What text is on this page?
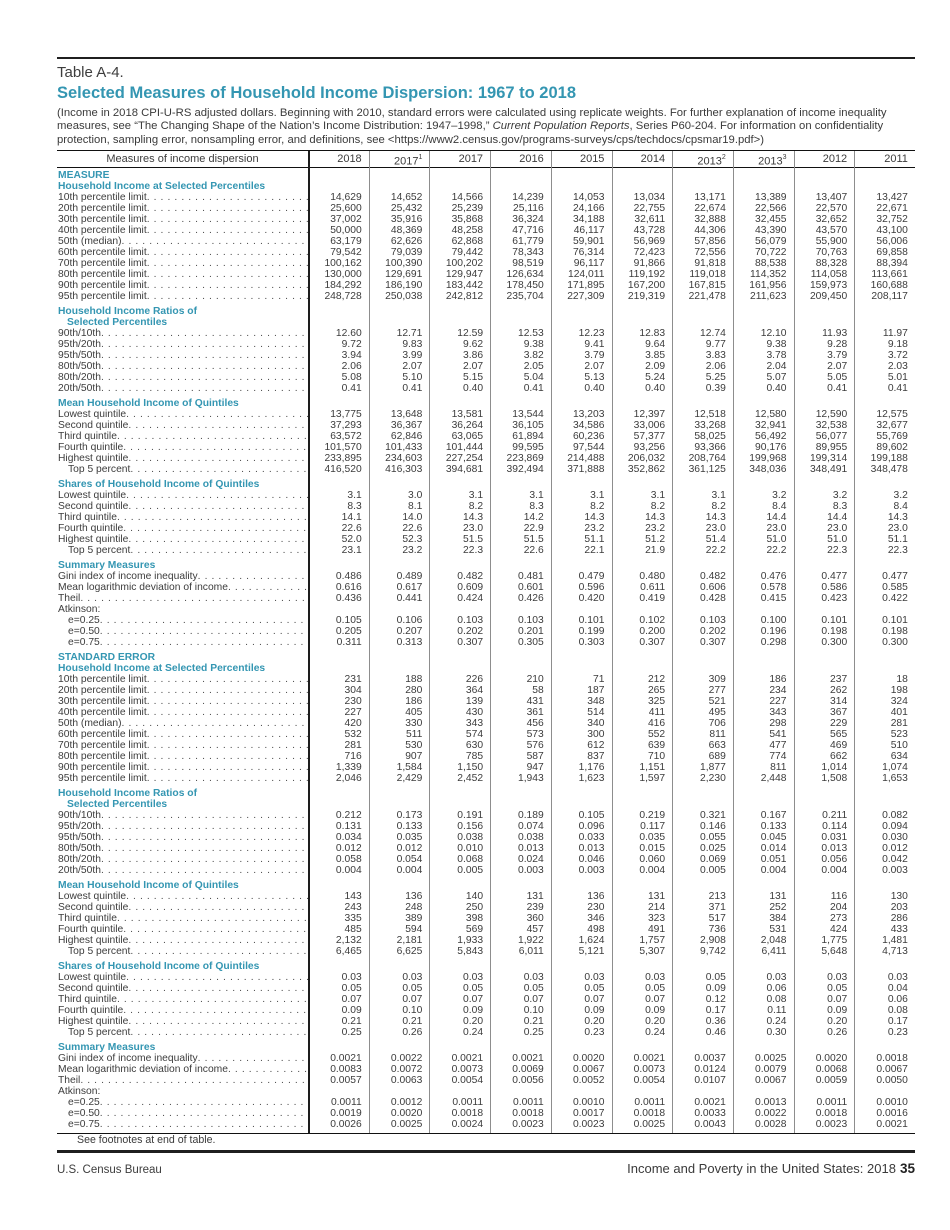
Table A-4.
Selected Measures of Household Income Dispersion: 1967 to 2018

(Income in 2018 CPI-U-RS adjusted dollars. Beginning with 2010, standard errors were calculated using replicate weights. For further explanation of income inequality measures, see “The Changing Shape of the Nation’s Income Distribution: 1947–1998,” Current Population Reports, Series P60-204. For information on confidentiality protection, sampling error, nonsampling error, and definitions, see <https://www2.census.gov/programs-surveys/cps/techdocs/cpsmar19.pdf>)

Measures of income dispersion	2018	2017$^1$	2017	2016	2015	2014	2013$^2$	2013$^3$	2012	2011
MEASURE
Household Income at Selected Percentiles
10th percentile limit . . .	14,629	14,652	14,566	14,239	14,053	13,034	13,171	13,389	13,407	13,427
20th percentile limit . . .	25,600	25,432	25,239	25,116	24,166	22,755	22,674	22,566	22,570	22,671
30th percentile limit . . .	37,002	35,916	35,868	36,324	34,188	32,611	32,888	32,455	32,652	32,752
40th percentile limit . . .	50,000	48,369	48,258	47,716	46,117	43,728	44,306	43,390	43,570	43,100
50th (median) . . .	63,179	62,626	62,868	61,779	59,901	56,969	57,856	56,079	55,900	56,006
60th percentile limit . . .	79,542	79,039	79,442	78,343	76,314	72,423	72,556	70,722	70,763	69,858
70th percentile limit . . .	100,162	100,390	100,202	98,519	96,117	91,866	91,818	88,538	88,328	88,394
80th percentile limit . . .	130,000	129,691	129,947	126,634	124,011	119,192	119,018	114,352	114,058	113,661
90th percentile limit . . .	184,292	186,190	183,442	178,450	171,895	167,200	167,815	161,956	159,973	160,688
95th percentile limit . . .	248,728	250,038	242,812	235,704	227,309	219,319	221,478	211,623	209,450	208,117
Household Income Ratios of
Selected Percentiles
90th/10th . . .	12.60	12.71	12.59	12.53	12.23	12.83	12.74	12.10	11.93	11.97
95th/20th . . .	9.72	9.83	9.62	9.38	9.41	9.64	9.77	9.38	9.28	9.18
95th/50th . . .	3.94	3.99	3.86	3.82	3.79	3.85	3.83	3.78	3.79	3.72
80th/50th . . .	2.06	2.07	2.07	2.05	2.07	2.09	2.06	2.04	2.07	2.03
80th/20th . . .	5.08	5.10	5.15	5.04	5.13	5.24	5.25	5.07	5.05	5.01
20th/50th . . .	0.41	0.41	0.40	0.41	0.40	0.40	0.39	0.40	0.41	0.41
Mean Household Income of Quintiles
Lowest quintile . . .	13,775	13,648	13,581	13,544	13,203	12,397	12,518	12,580	12,590	12,575
Second quintile . . .	37,293	36,367	36,264	36,105	34,586	33,006	33,268	32,941	32,538	32,677
Third quintile . . .	63,572	62,846	63,065	61,894	60,236	57,377	58,025	56,492	56,077	55,769
Fourth quintile . . .	101,570	101,433	101,444	99,595	97,544	93,256	93,366	90,176	89,955	89,602
Highest quintile . . .	233,895	234,603	227,254	223,869	214,488	206,032	208,764	199,968	199,314	199,188
Top 5 percent . . .	416,520	416,303	394,681	392,494	371,888	352,862	361,125	348,036	348,491	348,478
Shares of Household Income of Quintiles
Lowest quintile . . .	3.1	3.0	3.1	3.1	3.1	3.1	3.1	3.2	3.2	3.2
Second quintile . . .	8.3	8.1	8.2	8.3	8.2	8.2	8.2	8.4	8.3	8.4
Third quintile . . .	14.1	14.0	14.3	14.2	14.3	14.3	14.3	14.4	14.4	14.3
Fourth quintile . . .	22.6	22.6	23.0	22.9	23.2	23.2	23.0	23.0	23.0	23.0
Highest quintile . . .	52.0	52.3	51.5	51.5	51.1	51.2	51.4	51.0	51.0	51.1
Top 5 percent . . .	23.1	23.2	22.3	22.6	22.1	21.9	22.2	22.2	22.3	22.3
Summary Measures
Gini index of income inequality . . .	0.486	0.489	0.482	0.481	0.479	0.480	0.482	0.476	0.477	0.477
Mean logarithmic deviation of income . . .	0.616	0.617	0.609	0.601	0.596	0.611	0.606	0.578	0.586	0.585
Theil . . .	0.436	0.441	0.424	0.426	0.420	0.419	0.428	0.415	0.423	0.422
Atkinson:
e=0.25 . . .	0.105	0.106	0.103	0.103	0.101	0.102	0.103	0.100	0.101	0.101
e=0.50 . . .	0.205	0.207	0.202	0.201	0.199	0.200	0.202	0.196	0.198	0.198
e=0.75 . . .	0.311	0.313	0.307	0.305	0.303	0.307	0.307	0.298	0.300	0.300
STANDARD ERROR
Household Income at Selected Percentiles
10th percentile limit . . .	231	188	226	210	71	212	309	186	237	18
20th percentile limit . . .	304	280	364	58	187	265	277	234	262	198
30th percentile limit . . .	230	186	139	431	348	325	521	227	314	324
40th percentile limit . . .	227	405	430	361	514	411	495	343	367	401
50th (median) . . .	420	330	343	456	340	416	706	298	229	281
60th percentile limit . . .	532	511	574	573	300	552	811	541	565	523
70th percentile limit . . .	281	530	630	576	612	639	663	477	469	510
80th percentile limit . . .	716	907	785	587	837	710	689	774	662	634
90th percentile limit . . .	1,339	1,584	1,150	947	1,176	1,151	1,877	811	1,014	1,074
95th percentile limit . . .	2,046	2,429	2,452	1,943	1,623	1,597	2,230	2,448	1,508	1,653
Household Income Ratios of
Selected Percentiles
90th/10th . . .	0.212	0.173	0.191	0.189	0.105	0.219	0.321	0.167	0.211	0.082
95th/20th . . .	0.131	0.133	0.156	0.074	0.096	0.117	0.146	0.133	0.114	0.094
95th/50th . . .	0.034	0.035	0.038	0.038	0.033	0.035	0.055	0.045	0.031	0.030
80th/50th . . .	0.012	0.012	0.010	0.013	0.013	0.015	0.025	0.014	0.013	0.012
80th/20th . . .	0.058	0.054	0.068	0.024	0.046	0.060	0.069	0.051	0.056	0.042
20th/50th . . .	0.004	0.004	0.005	0.003	0.003	0.004	0.005	0.004	0.004	0.003
Mean Household Income of Quintiles
Lowest quintile . . .	143	136	140	131	136	131	213	131	116	130
Second quintile . . .	243	248	250	239	230	214	371	252	204	203
Third quintile . . .	335	389	398	360	346	323	517	384	273	286
Fourth quintile . . .	485	594	569	457	498	491	736	531	424	433
Highest quintile . . .	2,132	2,181	1,933	1,922	1,624	1,757	2,908	2,048	1,775	1,481
Top 5 percent . . .	6,465	6,625	5,843	6,011	5,121	5,307	9,742	6,411	5,648	4,713
Shares of Household Income of Quintiles
Lowest quintile . . .	0.03	0.03	0.03	0.03	0.03	0.03	0.05	0.03	0.03	0.03
Second quintile . . .	0.05	0.05	0.05	0.05	0.05	0.05	0.09	0.06	0.05	0.04
Third quintile . . .	0.07	0.07	0.07	0.07	0.07	0.07	0.12	0.08	0.07	0.06
Fourth quintile . . .	0.09	0.10	0.09	0.10	0.09	0.09	0.17	0.11	0.09	0.08
Highest quintile . . .	0.21	0.21	0.20	0.21	0.20	0.20	0.36	0.24	0.20	0.17
Top 5 percent . . .	0.25	0.26	0.24	0.25	0.23	0.24	0.46	0.30	0.26	0.23
Summary Measures
Gini index of income inequality . . .	0.0021	0.0022	0.0021	0.0021	0.0020	0.0021	0.0037	0.0025	0.0020	0.0018
Mean logarithmic deviation of income . . .	0.0083	0.0072	0.0073	0.0069	0.0067	0.0073	0.0124	0.0079	0.0068	0.0067
Theil . . .	0.0057	0.0063	0.0054	0.0056	0.0052	0.0054	0.0107	0.0067	0.0059	0.0050
Atkinson:
e=0.25 . . .	0.0011	0.0012	0.0011	0.0011	0.0010	0.0011	0.0021	0.0013	0.0011	0.0010
e=0.50 . . .	0.0019	0.0020	0.0018	0.0018	0.0017	0.0018	0.0033	0.0022	0.0018	0.0016
e=0.75 . . .	0.0026	0.0025	0.0024	0.0023	0.0023	0.0025	0.0043	0.0028	0.0023	0.0021
See footnotes at end of table.
U.S. Census Bureau	Income and Poverty in the United States: 2018 35
